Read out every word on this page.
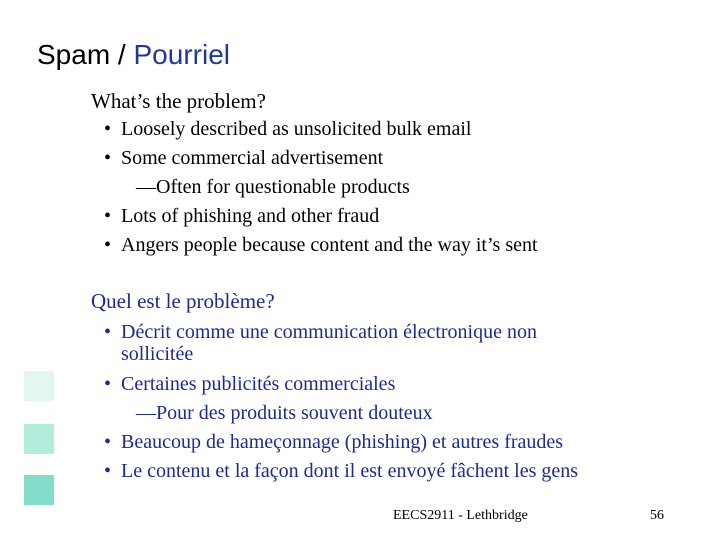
Spam / Pourriel
What’s the problem?
• Loosely described as unsolicited bulk email
• Some commercial advertisement
—Often for questionable products
• Lots of phishing and other fraud
• Angers people because content and the way it’s sent
Quel est le problème?
• Décrit comme une communication électronique non
sollicitée
• Certaines publicités commerciales
—Pour des produits souvent douteux
• Beaucoup de hameçonnage (phishing) et autres fraudes
• Le contenu et la façon dont il est envoyé fâchent les gens
EECS2911 - Lethbridge	56
